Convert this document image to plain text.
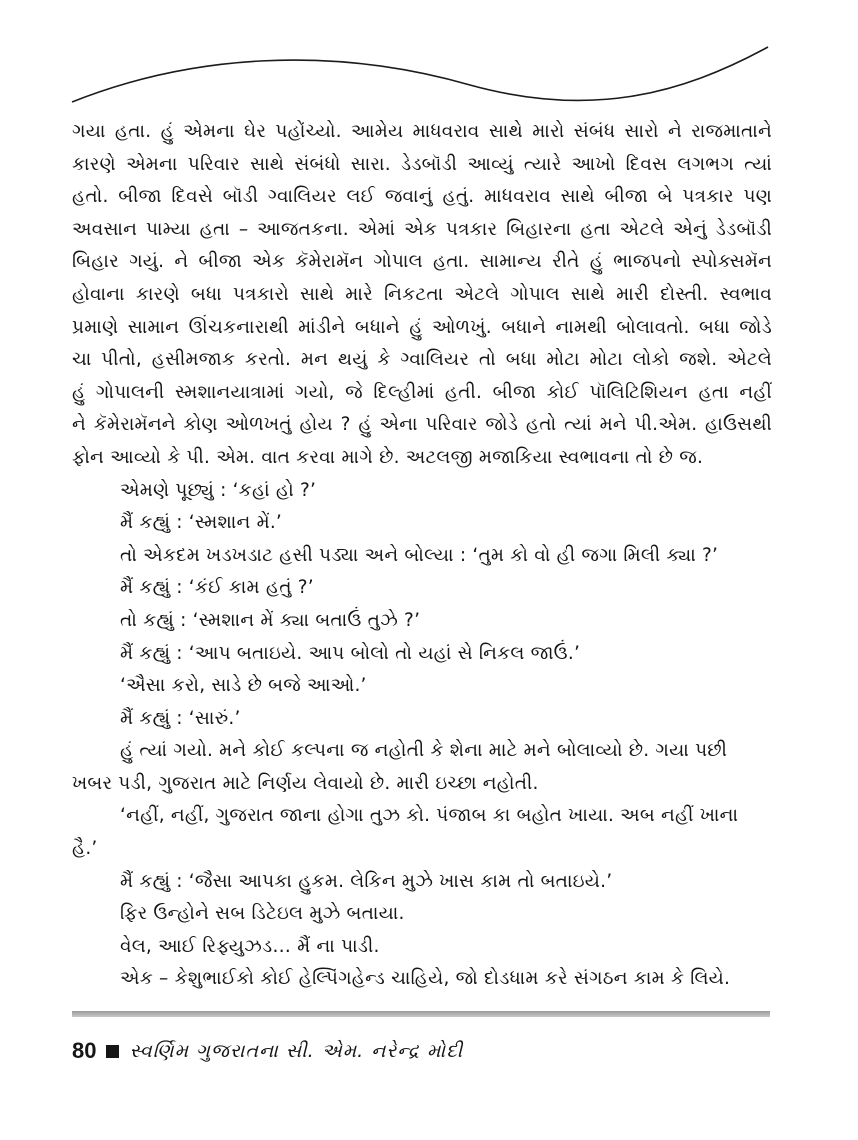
ગયા હતા. હું એમના ઘેર પહોંચ્યો. આમેય માધવરાવ સાથે મારો સંબંધ સારો ને રાજમાતાને
કારણે એમના પરિવાર સાથે સંબંધો સારા. ડેડબૉડી આવ્યું ત્યારે આખો દિવસ લગભગ ત્યાં
હતો. બીજા દિવસે બૉડી ગ્વાલિયર લઈ જવાનું હતું. માધવરાવ સાથે બીજા બે પત્રકાર પણ
અવસાન પામ્યા હતા – આજતકના. એમાં એક પત્રકાર બિહારના હતા એટલે એનું ડેડબૉડી
બિહાર ગયું. ને બીજા એક કૅમેરામૅન ગોપાલ હતા. સામાન્ય રીતે હું ભાજપનો સ્પોક્સમૅન
હોવાના કારણે બધા પત્રકારો સાથે મારે નિકટતા એટલે ગોપાલ સાથે મારી દોસ્તી. સ્વભાવ
પ્રમાણે સામાન ઊંચકનારાથી માંડીને બધાને હું ઓળખું. બધાને નામથી બોલાવતો. બધા જોડે
ચા પીતો, હસીમજાક કરતો. મન થયું કે ગ્વાલિયર તો બધા મોટા મોટા લોકો જશે. એટલે
હું ગોપાલની સ્મશાનયાત્રામાં ગયો, જે દિલ્હીમાં હતી. બીજા કોઈ પૉલિટિશિયન હતા નહીં
ને કૅમેરામૅનને કોણ ઓળખતું હોય ? હું એના પરિવાર જોડે હતો ત્યાં મને પી.એમ. હાઉસથી
ફોન આવ્યો કે પી. એમ. વાત કરવા માગે છે. અટલજી મજાકિયા સ્વભાવના તો છે જ.
એમણે પૂછ્યું : ‘કહાં હો ?’
મૈં કહ્યું : ‘સ્મશાન મેં.’
તો એકદમ ખડખડાટ હસી પડ્યા અને બોલ્યા : ‘તુમ કો વો હી જગા મિલી ક્યા ?’
મૈં કહ્યું : ‘કંઈ કામ હતું ?’
તો કહ્યું : ‘સ્મશાન મેં ક્યા બતાઉં તુઝે ?’
મૈં કહ્યું : ‘આપ બતાઇયે. આપ બોલો તો યહાં સે નિકલ જાઉં.’
‘ઐસા કરો, સાડે છે બજે આઓ.’
મૈં કહ્યું : ‘સારું.’
હું ત્યાં ગયો. મને કોઈ કલ્પના જ નહોતી કે શેના માટે મને બોલાવ્યો છે. ગયા પછી
ખબર પડી, ગુજરાત માટે નિર્ણય લેવાયો છે. મારી ઇચ્છા નહોતી.
‘નહીં, નહીં, ગુજરાત જાના હોગા તુઝ કો. પંજાબ કા બહોત ખાયા. અબ નહીં ખાના
હૈ.’
મૈં કહ્યું : ‘જૈસા આપકા હુકમ. લેકિન મુઝે ખાસ કામ તો બતાઇયે.’
ફિર ઉન્હોને સબ ડિટેઇલ મુઝે બતાયા.
વેલ, આઈ રિફ્યુઝડ… મૈં ના પાડી.
એક – કેશુભાઈકો કોઈ હેલ્પિંગહેન્ડ ચાહિયે, જો દોડધામ કરે સંગઠન કામ કે લિયે.
80 સ્વર્ણિમ ગુજરાતના સી. એમ. નરેન્દ્ર મોદી
